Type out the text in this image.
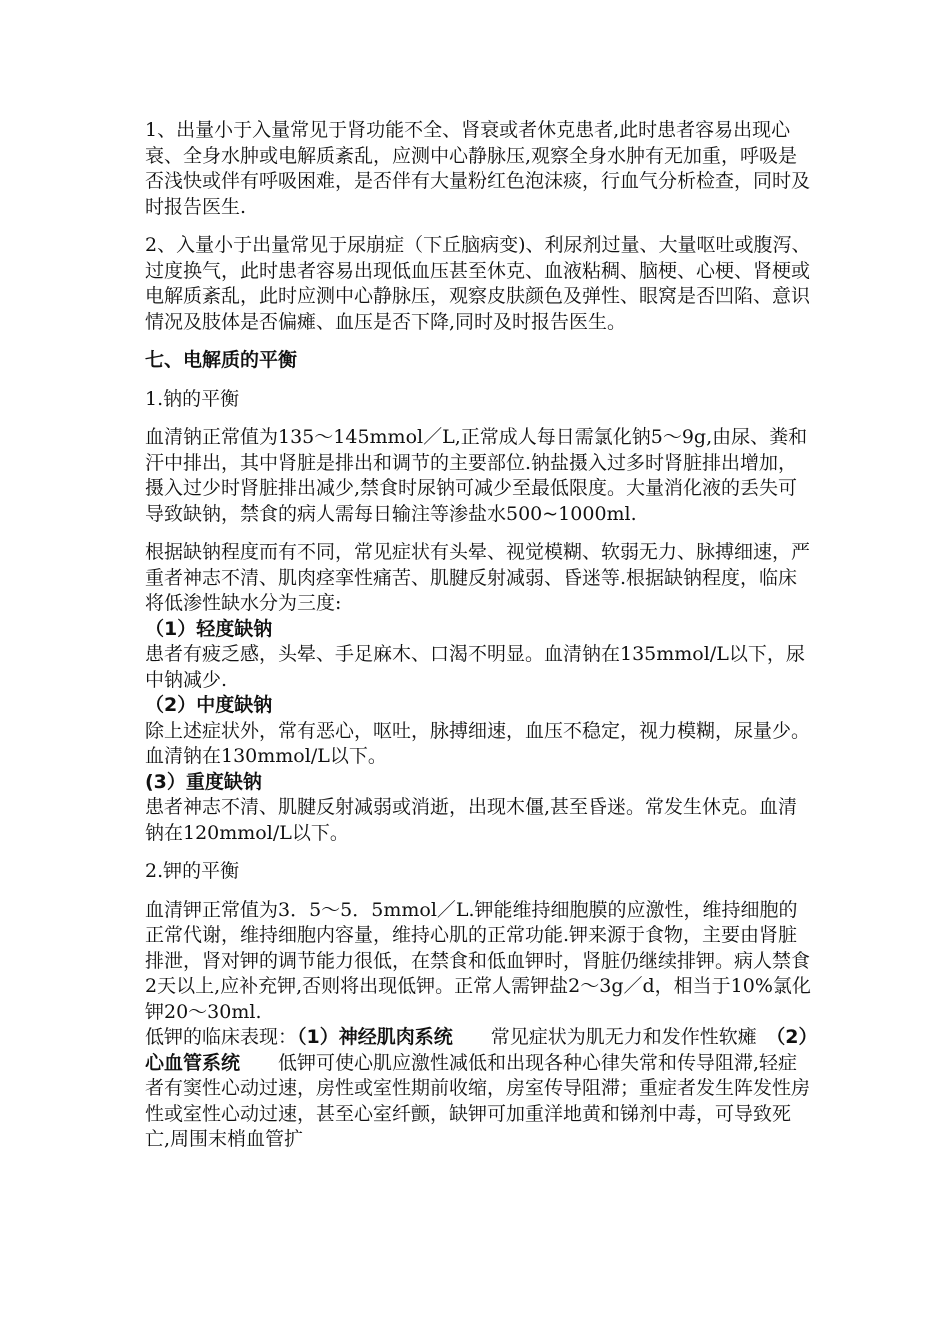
1、出量小于入量常见于肾功能不全、肾衰或者休克患者,此时患者容易出现心衰、全身水肿或电解质紊乱，应测中心静脉压,观察全身水肿有无加重，呼吸是否浅快或伴有呼吸困难，是否伴有大量粉红色泡沫痰，行血气分析检查，同时及时报告医生.

2、入量小于出量常见于尿崩症（下丘脑病变)、利尿剂过量、大量呕吐或腹泻、过度换气，此时患者容易出现低血压甚至休克、血液粘稠、脑梗、心梗、肾梗或电解质紊乱，此时应测中心静脉压，观察皮肤颜色及弹性、眼窝是否凹陷、意识情况及肢体是否偏瘫、血压是否下降,同时及时报告医生。

七、电解质的平衡

1.钠的平衡

血清钠正常值为135～145mmol／L,正常成人每日需氯化钠5～9g,由尿、粪和汗中排出，其中肾脏是排出和调节的主要部位.钠盐摄入过多时肾脏排出增加，摄入过少时肾脏排出减少,禁食时尿钠可减少至最低限度。大量消化液的丢失可导致缺钠，禁食的病人需每日输注等渗盐水500~1000ml.

根据缺钠程度而有不同，常见症状有头晕、视觉模糊、软弱无力、脉搏细速，严重者神志不清、肌肉痉挛性痛苦、肌腱反射减弱、昏迷等.根据缺钠程度，临床将低渗性缺水分为三度:

（1）轻度缺钠

患者有疲乏感，头晕、手足麻木、口渴不明显。血清钠在135mmol/L以下，尿中钠减少.

（2）中度缺钠

除上述症状外，常有恶心，呕吐，脉搏细速，血压不稳定，视力模糊，尿量少。血清钠在130mmol/L以下。

(3）重度缺钠

患者神志不清、肌腱反射减弱或消逝，出现木僵,甚至昏迷。常发生休克。血清钠在120mmol/L以下。

2.钾的平衡

血清钾正常值为3．5～5．5mmol／L.钾能维持细胞膜的应激性，维持细胞的正常代谢，维持细胞内容量，维持心肌的正常功能.钾来源于食物，主要由肾脏排泄，肾对钾的调节能力很低，在禁食和低血钾时，肾脏仍继续排钾。病人禁食2天以上,应补充钾,否则将出现低钾。正常人需钾盐2～3g／d，相当于10%氯化钾20～30ml.

低钾的临床表现：（1）神经肌肉系统　　常见症状为肌无力和发作性软瘫　（2）心血管系统　　低钾可使心肌应激性减低和出现各种心律失常和传导阻滞,轻症者有窦性心动过速，房性或室性期前收缩，房室传导阻滞；重症者发生阵发性房性或室性心动过速，甚至心室纤颤，缺钾可加重洋地黄和锑剂中毒，可导致死亡,周围末梢血管扩
